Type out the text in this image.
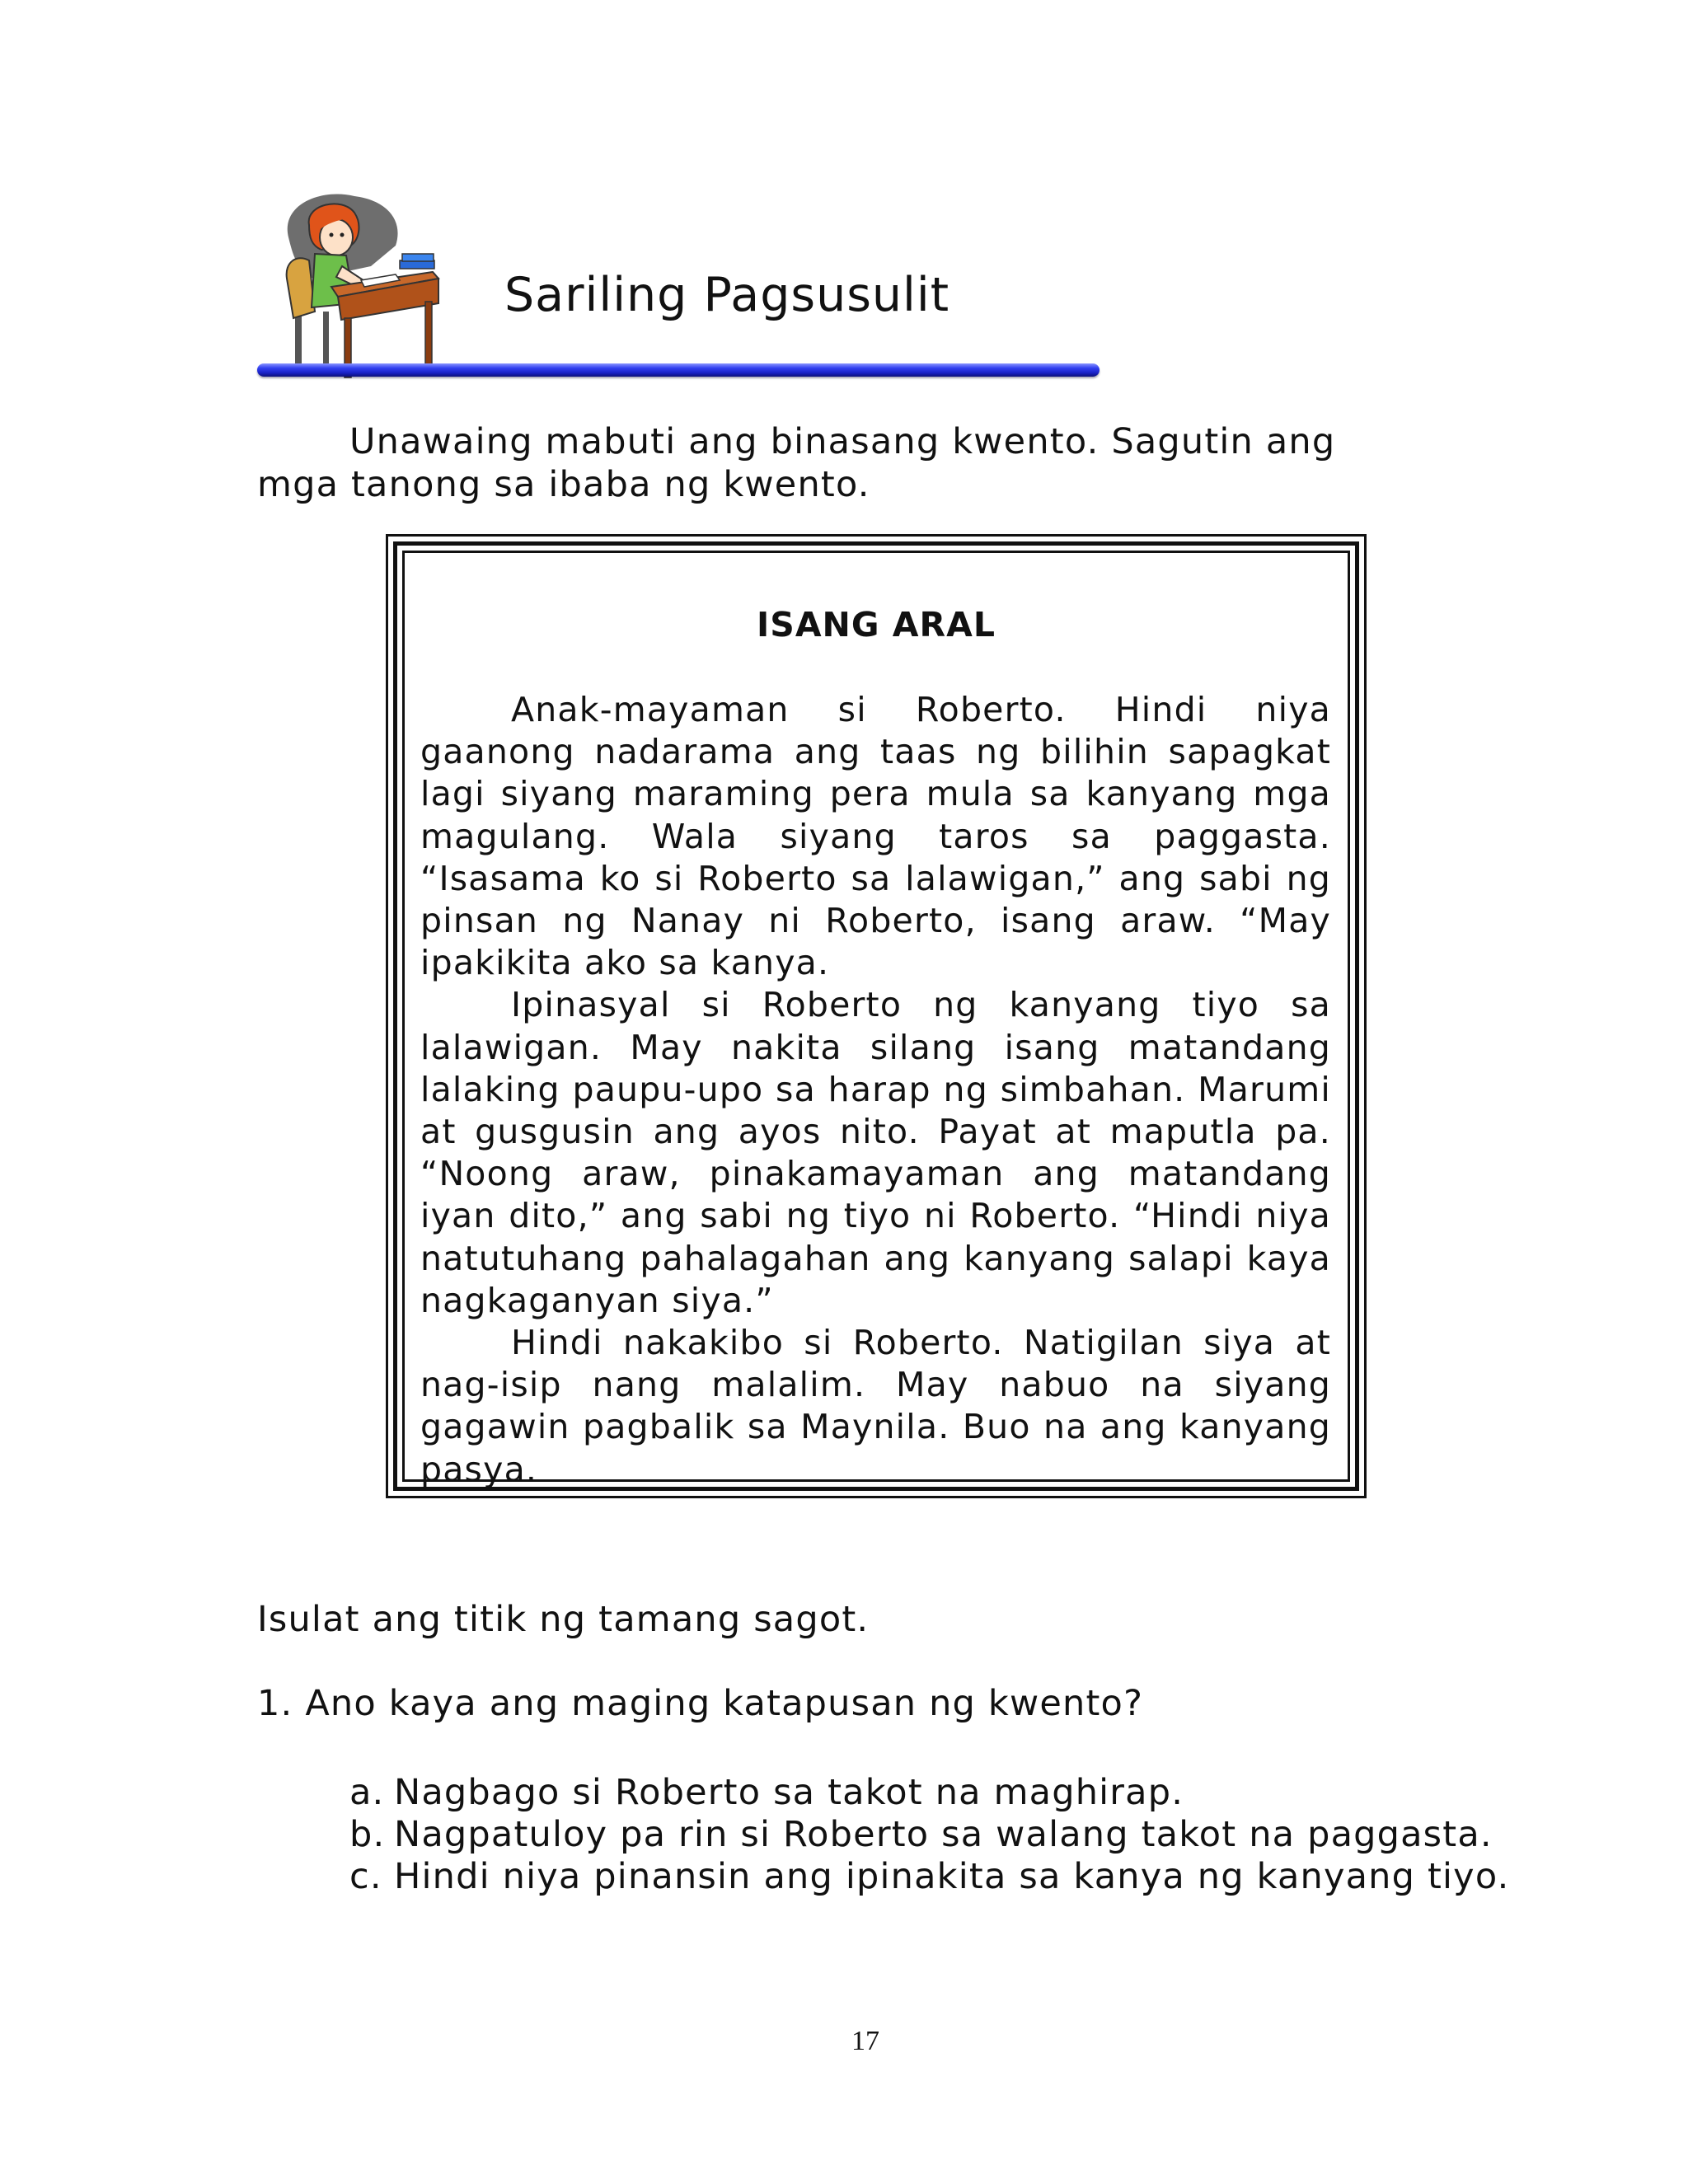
Sariling Pagsusulit
Unawaing mabuti ang binasang kwento. Sagutin ang mga tanong sa ibaba ng kwento.
ISANG ARAL

Anak-mayaman si Roberto. Hindi niya gaanong nadarama ang taas ng bilihin sapagkat lagi siyang maraming pera mula sa kanyang mga magulang. Wala siyang taros sa paggasta. “Isasama ko si Roberto sa lalawigan,” ang sabi ng pinsan ng Nanay ni Roberto, isang araw. “May ipakikita ako sa kanya.

Ipinasyal si Roberto ng kanyang tiyo sa lalawigan. May nakita silang isang matandang lalaking paupu-upo sa harap ng simbahan. Marumi at gusgusin ang ayos nito. Payat at maputla pa. “Noong araw, pinakamayaman ang matandang iyan dito,” ang sabi ng tiyo ni Roberto. “Hindi niya natutuhang pahalagahan ang kanyang salapi kaya nagkaganyan siya.”

Hindi nakakibo si Roberto. Natigilan siya at nag-isip nang malalim. May nabuo na siyang gagawin pagbalik sa Maynila. Buo na ang kanyang pasya.

Isulat ang titik ng tamang sagot.
1. Ano kaya ang maging katapusan ng kwento?
a. Nagbago si Roberto sa takot na maghirap.
b. Nagpatuloy pa rin si Roberto sa walang takot na paggasta.
c. Hindi niya pinansin ang ipinakita sa kanya ng kanyang tiyo.
17
